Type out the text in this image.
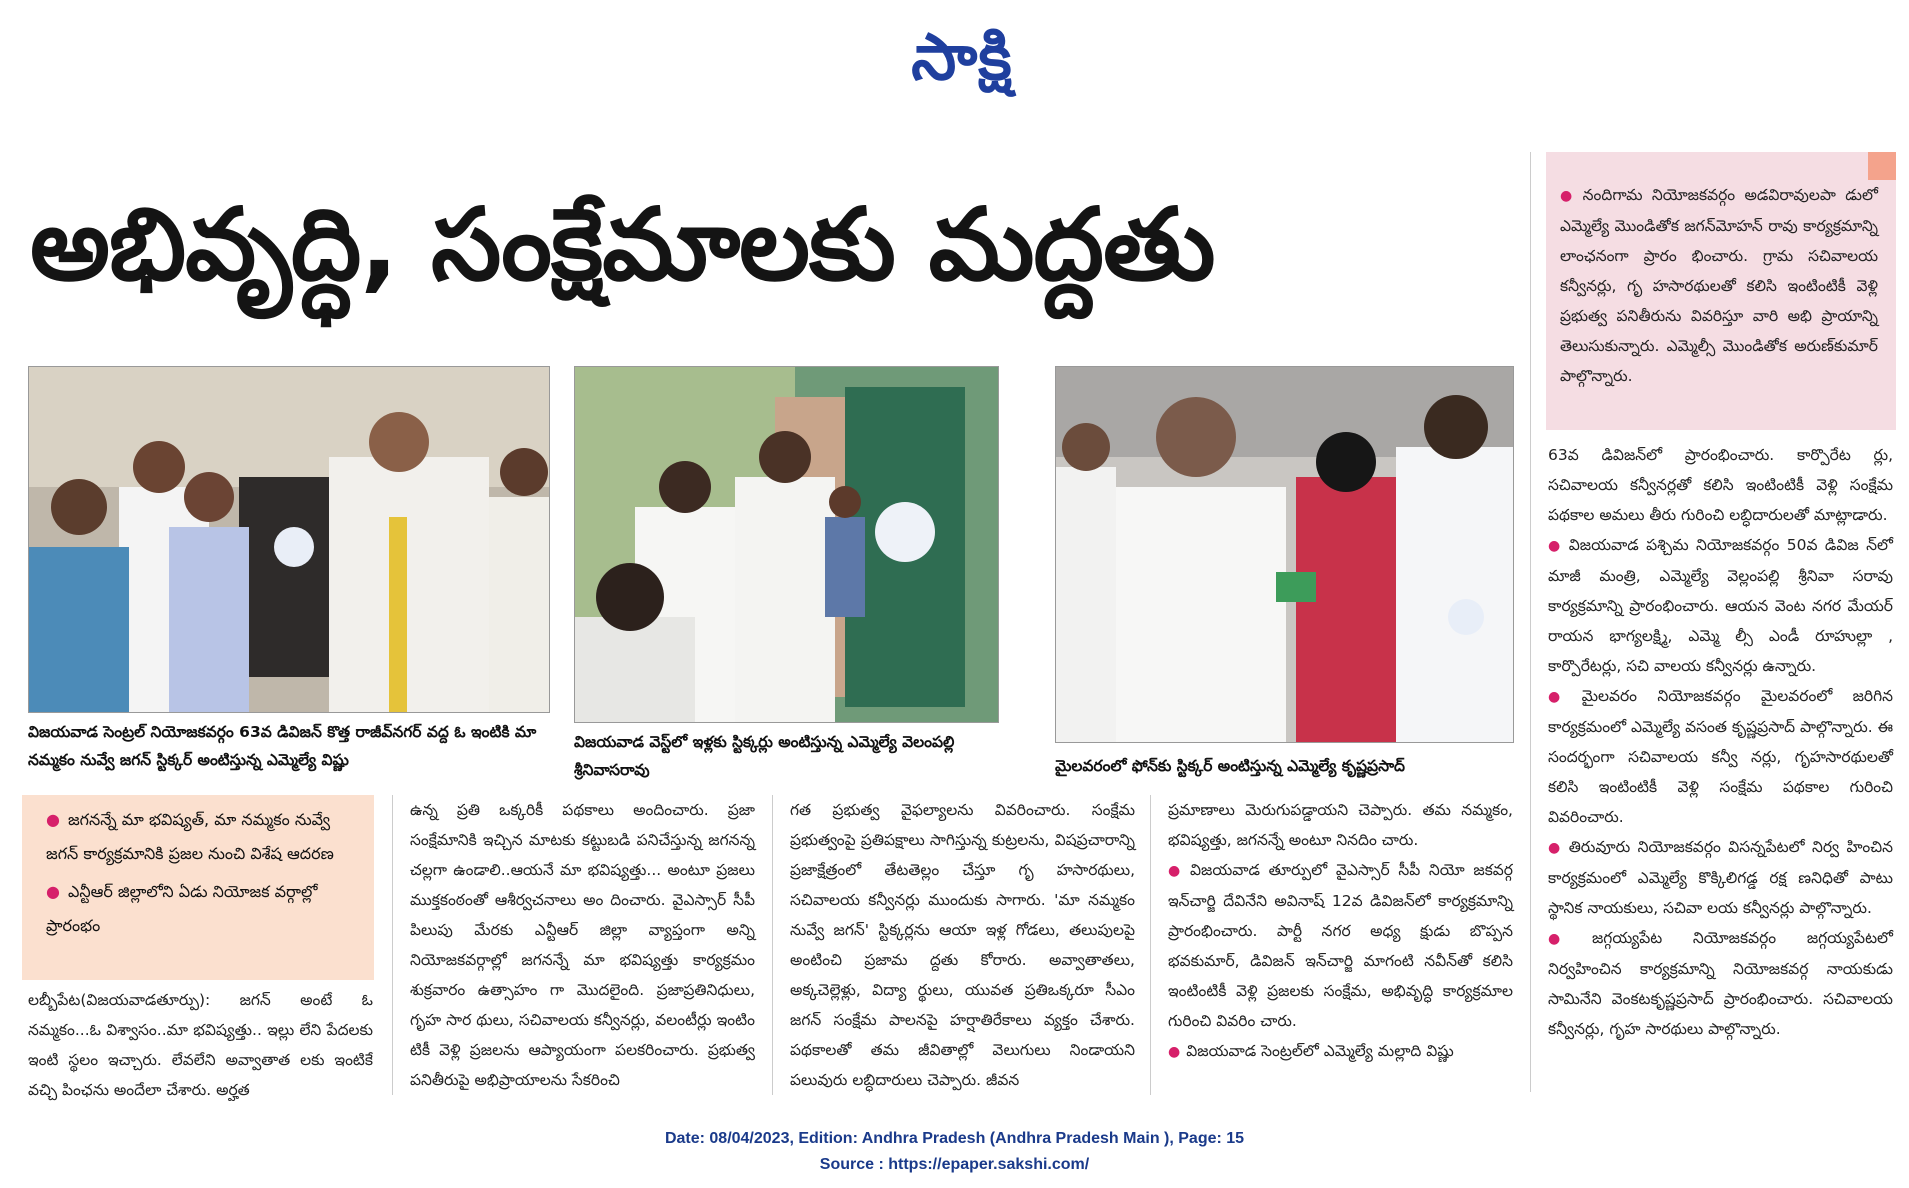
సాక్షి
అభివృద్ధి, సంక్షేమాలకు మద్దతు
విజయవాడ సెంట్రల్ నియోజకవర్గం 63వ డివిజన్ కొత్త రాజీవ్‌నగర్ వద్ద ఓ ఇంటికి మా నమ్మకం నువ్వే జగన్ స్టిక్కర్ అంటిస్తున్న ఎమ్మెల్యే విష్ణు
విజయవాడ వెస్ట్‌లో ఇళ్లకు స్టిక్కర్లు అంటిస్తున్న ఎమ్మెల్యే వెలంపల్లి శ్రీనివాసరావు	మైలవరంలో ఫోన్‌కు స్టిక్కర్ అంటిస్తున్న ఎమ్మెల్యే కృష్ణప్రసాద్
● జగనన్నే మా భవిష్యత్, మా నమ్మకం నువ్వే జగన్ కార్యక్రమానికి ప్రజల నుంచి విశేష ఆదరణ
● ఎన్టీఆర్ జిల్లాలోని ఏడు నియోజక వర్గాల్లో ప్రారంభం

లబ్బీపేట(విజయవాడతూర్పు): జగన్ అంటే ఓ నమ్మకం...ఓ విశ్వాసం..మా భవిష్యత్తు.. ఇల్లు లేని పేదలకు ఇంటి స్థలం ఇచ్చారు. లేవలేని అవ్వాతాత లకు ఇంటికే వచ్చి పింఛను అందేలా చేశారు. అర్హత

ఉన్న ప్రతి ఒక్కరికీ పథకాలు అందించారు. ప్రజా సంక్షేమానికి ఇచ్చిన మాటకు కట్టుబడి పనిచేస్తున్న జగనన్న చల్లగా ఉండాలి..ఆయనే మా భవిష్యత్తు... అంటూ ప్రజలు ముక్తకంఠంతో ఆశీర్వచనాలు అం దించారు. వైఎస్సార్ సీపీ పిలుపు మేరకు ఎన్టీఆర్ జిల్లా వ్యాప్తంగా అన్ని నియోజకవర్గాల్లో జగనన్నే మా భవిష్యత్తు కార్యక్రమం శుక్రవారం ఉత్సాహం గా మొదలైంది. ప్రజాప్రతినిధులు, గృహ సార థులు, సచివాలయ కన్వీనర్లు, వలంటీర్లు ఇంటిం టికీ వెళ్లి ప్రజలను ఆప్యాయంగా పలకరించారు. ప్రభుత్వ పనితీరుపై అభిప్రాయాలను సేకరించి

గత ప్రభుత్వ వైఫల్యాలను వివరించారు. సంక్షేమ ప్రభుత్వంపై ప్రతిపక్షాలు సాగిస్తున్న కుట్రలను, విషప్రచారాన్ని ప్రజాక్షేత్రంలో తేటతెల్లం చేస్తూ గృ హసారథులు, సచివాలయ కన్వీనర్లు ముందుకు సాగారు. 'మా నమ్మకం నువ్వే జగన్' స్టిక్కర్లను ఆయా ఇళ్ల గోడలు, తలుపులపై అంటించి ప్రజామ ద్దతు కోరారు. అవ్వాతాతలు, అక్కచెల్లెళ్లు, విద్యా ర్థులు, యువత ప్రతిఒక్కరూ సీఎం జగన్ సంక్షేమ పాలనపై హర్షాతిరేకాలు వ్యక్తం చేశారు. పథకాలతో తమ జీవితాల్లో వెలుగులు నిండాయని పలువురు లబ్ధిదారులు చెప్పారు. జీవన

ప్రమాణాలు మెరుగుపడ్డాయని చెప్పారు. తమ నమ్మకం, భవిష్యత్తు, జగనన్నే అంటూ నినదిం చారు.

● విజయవాడ తూర్పులో వైఎస్సార్ సీపీ నియో జకవర్గ ఇన్‌చార్జి దేవినేని అవినాష్ 12వ డివిజన్‌లో కార్యక్రమాన్ని ప్రారంభించారు. పార్టీ నగర అధ్య క్షుడు బొప్పన భవకుమార్, డివిజన్ ఇన్‌చార్జి మాగంటి నవీన్‌తో కలిసి ఇంటింటికీ వెళ్లి ప్రజలకు సంక్షేమ, అభివృద్ధి కార్యక్రమాల గురించి వివరిం చారు.

● విజయవాడ సెంట్రల్‌లో ఎమ్మెల్యే మల్లాది విష్ణు

● నందిగామ నియోజకవర్గం అడవిరావులపా డులో ఎమ్మెల్యే మొండితోక జగన్‌మోహన్ రావు కార్యక్రమాన్ని లాంఛనంగా ప్రారం భించారు. గ్రామ సచివాలయ కన్వీనర్లు, గృ హసారథులతో కలిసి ఇంటింటికీ వెళ్లి ప్రభుత్వ పనితీరును వివరిస్తూ వారి అభి ప్రాయాన్ని తెలుసుకున్నారు. ఎమ్మెల్సీ మొండితోక అరుణ్‌కుమార్ పాల్గొన్నారు.

63వ డివిజన్‌లో ప్రారంభించారు. కార్పొరేట ర్లు, సచివాలయ కన్వీనర్లతో కలిసి ఇంటింటికీ వెళ్లి సంక్షేమ పథకాల అమలు తీరు గురించి లబ్ధిదారులతో మాట్లాడారు.

● విజయవాడ పశ్చిమ నియోజకవర్గం 50వ డివిజ న్‌లో మాజీ మంత్రి, ఎమ్మెల్యే వెల్లంపల్లి శ్రీనివా సరావు కార్యక్రమాన్ని ప్రారంభించారు. ఆయన వెంట నగర మేయర్ రాయన భాగ్యలక్ష్మి, ఎమ్మె ల్సీ ఎండీ రూహుల్లా , కార్పొరేటర్లు, సచి వాలయ కన్వీనర్లు ఉన్నారు.

● మైలవరం నియోజకవర్గం మైలవరంలో జరిగిన కార్యక్రమంలో ఎమ్మెల్యే వసంత కృష్ణప్రసాద్ పాల్గొన్నారు. ఈ సందర్భంగా సచివాలయ కన్వీ నర్లు, గృహసారథులతో కలిసి ఇంటింటికీ వెళ్లి సంక్షేమ పథకాల గురించి వివరించారు.

● తిరువూరు నియోజకవర్గం విసన్నపేటలో నిర్వ హించిన కార్యక్రమంలో ఎమ్మెల్యే కొక్కిలిగడ్డ రక్ష ణనిధితో పాటు స్థానిక నాయకులు, సచివా లయ కన్వీనర్లు పాల్గొన్నారు.

● జగ్గయ్యపేట నియోజకవర్గం జగ్గయ్యపేటలో నిర్వహించిన కార్యక్రమాన్ని నియోజకవర్గ నాయకుడు సామినేని వెంకటకృష్ణప్రసాద్ ప్రారంభించారు. సచివాలయ కన్వీనర్లు, గృహ సారథులు పాల్గొన్నారు.

Date: 08/04/2023, Edition: Andhra Pradesh (Andhra Pradesh Main ), Page: 15
Source : https://epaper.sakshi.com/
